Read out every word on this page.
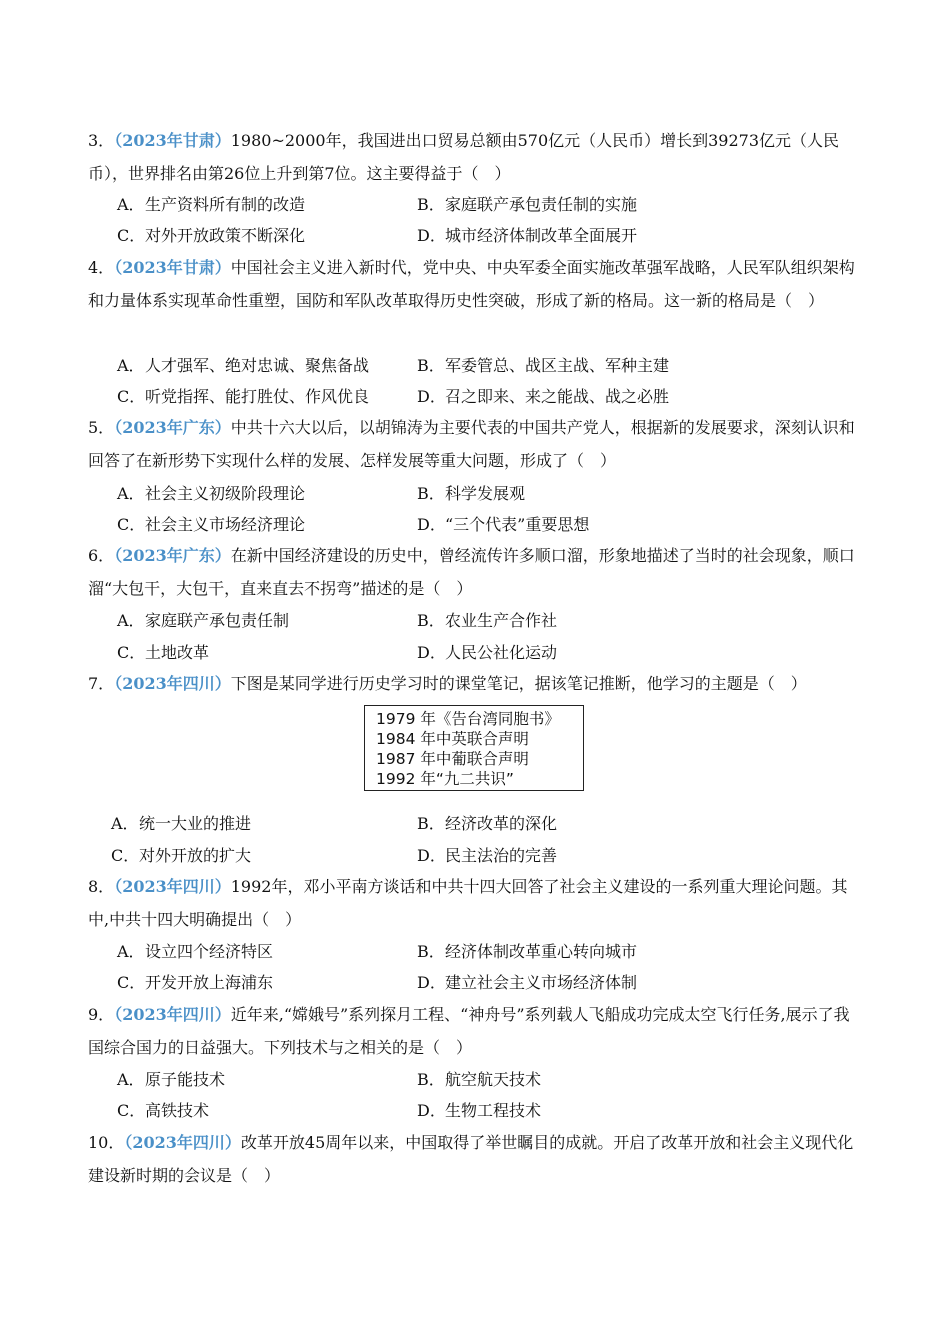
3．（2023年甘肃）1980~2000年，我国进出口贸易总额由570亿元（人民币）增长到39273亿元（人民币），世界排名由第26位上升到第7位。这主要得益于（　）
A．生产资料所有制的改造	B．家庭联产承包责任制的实施
C．对外开放政策不断深化	D．城市经济体制改革全面展开
4．（2023年甘肃）中国社会主义进入新时代，党中央、中央军委全面实施改革强军战略，人民军队组织架构和力量体系实现革命性重塑，国防和军队改革取得历史性突破，形成了新的格局。这一新的格局是（　）
A．人才强军、绝对忠诚、聚焦备战	B．军委管总、战区主战、军种主建
C．听党指挥、能打胜仗、作风优良	D．召之即来、来之能战、战之必胜
5．（2023年广东）中共十六大以后，以胡锦涛为主要代表的中国共产党人，根据新的发展要求，深刻认识和回答了在新形势下实现什么样的发展、怎样发展等重大问题，形成了（　）
A．社会主义初级阶段理论	B．科学发展观
C．社会主义市场经济理论	D．“三个代表”重要思想
6．（2023年广东）在新中国经济建设的历史中，曾经流传许多顺口溜，形象地描述了当时的社会现象，顺口溜“大包干，大包干，直来直去不拐弯”描述的是（　）
A．家庭联产承包责任制	B．农业生产合作社
C．土地改革	D．人民公社化运动
7．（2023年四川）下图是某同学进行历史学习时的课堂笔记，据该笔记推断，他学习的主题是（　）
1979 年《告台湾同胞书》
1984 年中英联合声明
1987 年中葡联合声明
1992 年“九二共识”
A．统一大业的推进	B．经济改革的深化
C．对外开放的扩大	D．民主法治的完善
8．（2023年四川）1992年，邓小平南方谈话和中共十四大回答了社会主义建设的一系列重大理论问题。其中,中共十四大明确提出（　）
A．设立四个经济特区	B．经济体制改革重心转向城市
C．开发开放上海浦东	D．建立社会主义市场经济体制
9．（2023年四川）近年来,“嫦娥号”系列探月工程、“神舟号”系列载人飞船成功完成太空飞行任务,展示了我国综合国力的日益强大。下列技术与之相关的是（　）
A．原子能技术	B．航空航天技术
C．高铁技术	D．生物工程技术
10．（2023年四川）改革开放45周年以来，中国取得了举世瞩目的成就。开启了改革开放和社会主义现代化建设新时期的会议是（　）
